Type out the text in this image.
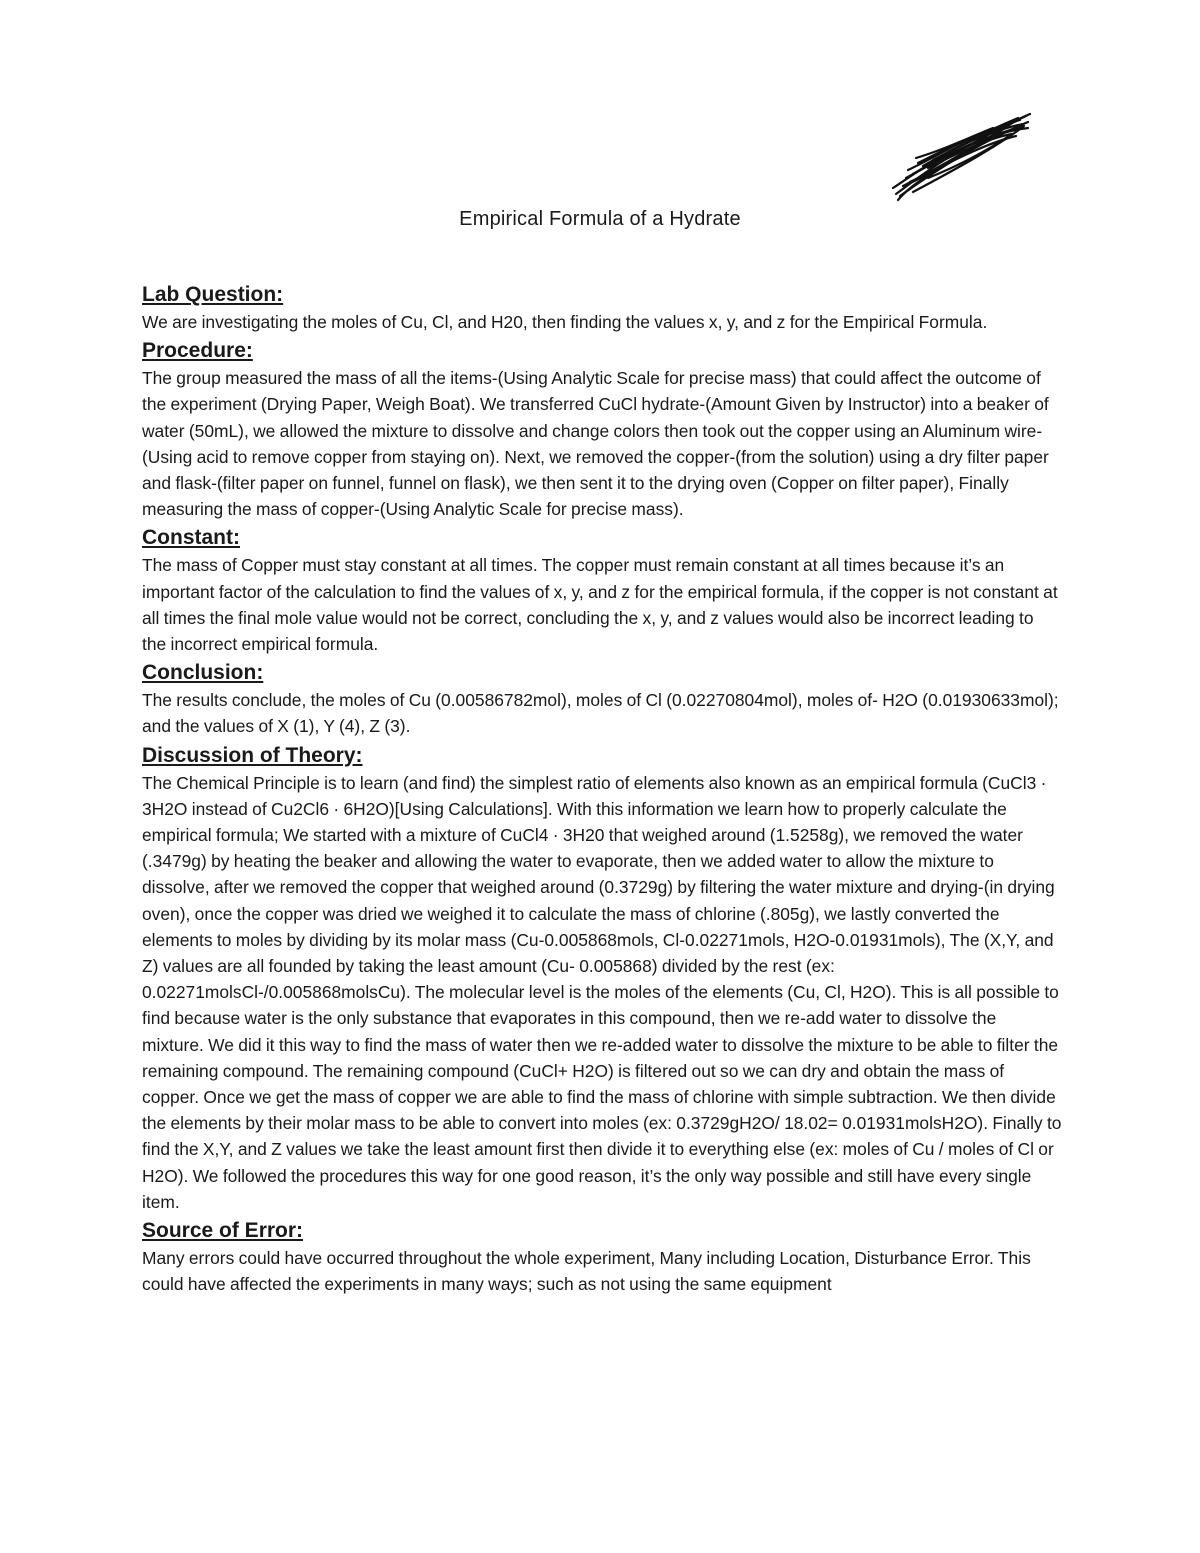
Empirical Formula of a Hydrate
Lab Question:

We are investigating the moles of Cu, Cl, and H20, then finding the values x, y, and z for the Empirical Formula.

Procedure:

The group measured the mass of all the items-(Using Analytic Scale for precise mass) that could affect the outcome of the experiment (Drying Paper, Weigh Boat). We transferred CuCl hydrate-(Amount Given by Instructor) into a beaker of water (50mL), we allowed the mixture to dissolve and change colors then took out the copper using an Aluminum wire-(Using acid to remove copper from staying on). Next, we removed the copper-(from the solution) using a dry filter paper and flask-(filter paper on funnel, funnel on flask), we then sent it to the drying oven (Copper on filter paper), Finally measuring the mass of copper-(Using Analytic Scale for precise mass).

Constant:

The mass of Copper must stay constant at all times. The copper must remain constant at all times because it’s an important factor of the calculation to find the values of x, y, and z for the empirical formula, if the copper is not constant at all times the final mole value would not be correct, concluding the x, y, and z values would also be incorrect leading to the incorrect empirical formula.

Conclusion:

The results conclude, the moles of Cu (0.00586782mol), moles of Cl (0.02270804mol), moles of- H2O (0.01930633mol); and the values of X (1), Y (4), Z (3).

Discussion of Theory:

The Chemical Principle is to learn (and find) the simplest ratio of elements also known as an empirical formula (CuCl3 · 3H2O instead of Cu2Cl6 · 6H2O)[Using Calculations]. With this information we learn how to properly calculate the empirical formula; We started with a mixture of CuCl4 · 3H20 that weighed around (1.5258g), we removed the water (.3479g) by heating the beaker and allowing the water to evaporate, then we added water to allow the mixture to dissolve, after we removed the copper that weighed around (0.3729g) by filtering the water mixture and drying-(in drying oven), once the copper was dried we weighed it to calculate the mass of chlorine (.805g), we lastly converted the elements to moles by dividing by its molar mass (Cu-0.005868mols, Cl-0.02271mols, H2O-0.01931mols), The (X,Y, and Z) values are all founded by taking the least amount (Cu- 0.005868) divided by the rest (ex: 0.02271molsCl-/0.005868molsCu). The molecular level is the moles of the elements (Cu, Cl, H2O). This is all possible to find because water is the only substance that evaporates in this compound, then we re-add water to dissolve the mixture. We did it this way to find the mass of water then we re-added water to dissolve the mixture to be able to filter the remaining compound. The remaining compound (CuCl+ H2O) is filtered out so we can dry and obtain the mass of copper. Once we get the mass of copper we are able to find the mass of chlorine with simple subtraction. We then divide the elements by their molar mass to be able to convert into moles (ex: 0.3729gH2O/ 18.02= 0.01931molsH2O). Finally to find the X,Y, and Z values we take the least amount first then divide it to everything else (ex: moles of Cu / moles of Cl or H2O). We followed the procedures this way for one good reason, it’s the only way possible and still have every single item.

Source of Error:

Many errors could have occurred throughout the whole experiment, Many including Location, Disturbance Error. This could have affected the experiments in many ways; such as not using the same equipment
